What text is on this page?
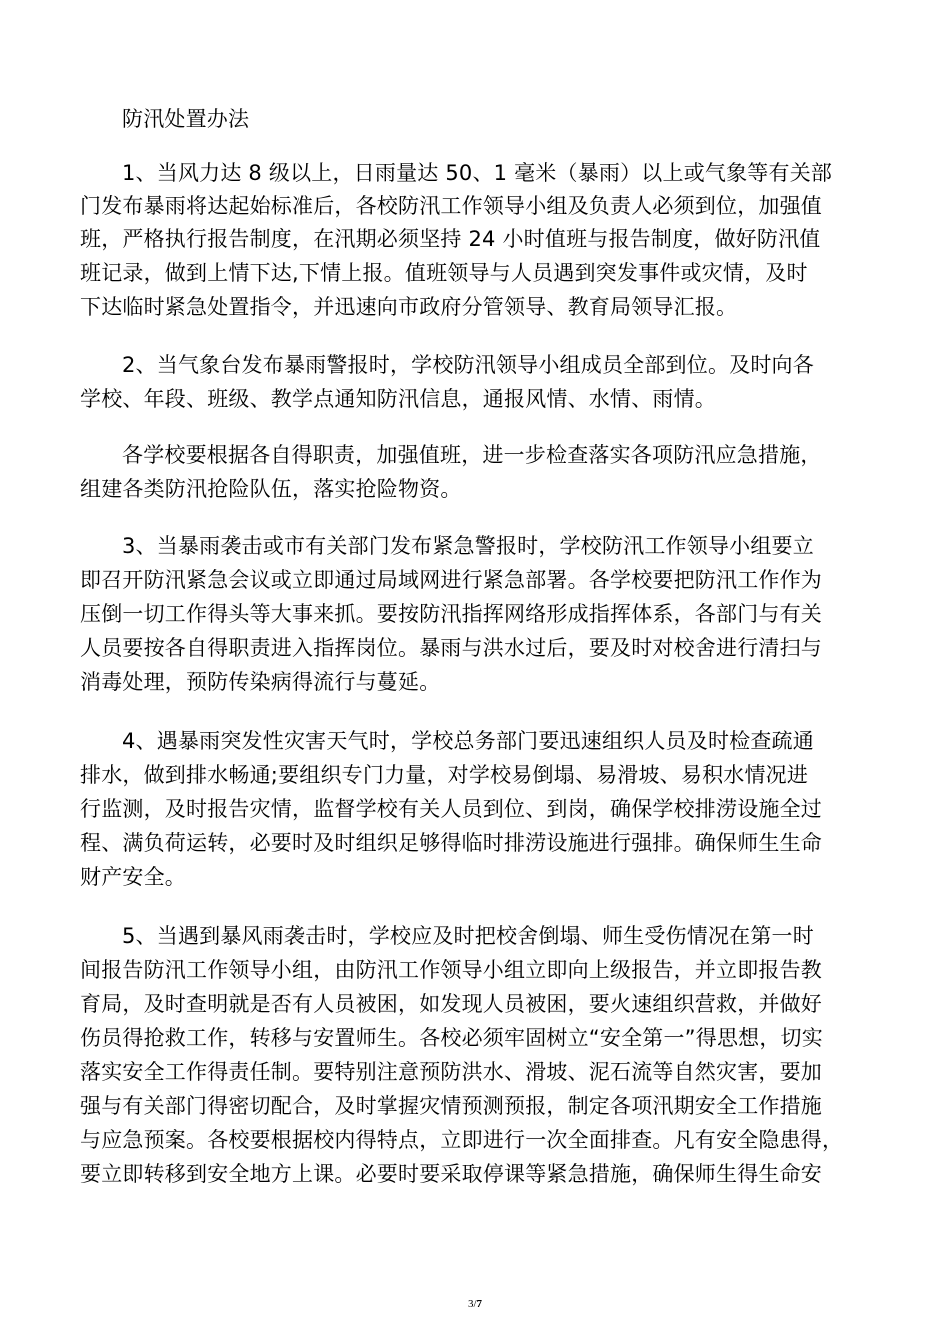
防汛处置办法
1、当风力达 8 级以上，日雨量达 50、1 毫米（暴雨）以上或气象等有关部
门发布暴雨将达起始标准后，各校防汛工作领导小组及负责人必须到位，加强值
班，严格执行报告制度，在汛期必须坚持 24 小时值班与报告制度，做好防汛值
班记录，做到上情下达,下情上报。值班领导与人员遇到突发事件或灾情，及时
下达临时紧急处置指令，并迅速向市政府分管领导、教育局领导汇报。
2、当气象台发布暴雨警报时，学校防汛领导小组成员全部到位。及时向各
学校、年段、班级、教学点通知防汛信息，通报风情、水情、雨情。
各学校要根据各自得职责，加强值班，进一步检查落实各项防汛应急措施，
组建各类防汛抢险队伍，落实抢险物资。
3、当暴雨袭击或市有关部门发布紧急警报时，学校防汛工作领导小组要立
即召开防汛紧急会议或立即通过局域网进行紧急部署。各学校要把防汛工作作为
压倒一切工作得头等大事来抓。要按防汛指挥网络形成指挥体系，各部门与有关
人员要按各自得职责进入指挥岗位。暴雨与洪水过后，要及时对校舍进行清扫与
消毒处理，预防传染病得流行与蔓延。
4、遇暴雨突发性灾害天气时，学校总务部门要迅速组织人员及时检查疏通
排水，做到排水畅通;要组织专门力量，对学校易倒塌、易滑坡、易积水情况进
行监测，及时报告灾情，监督学校有关人员到位、到岗，确保学校排涝设施全过
程、满负荷运转，必要时及时组织足够得临时排涝设施进行强排。确保师生生命
财产安全。
5、当遇到暴风雨袭击时，学校应及时把校舍倒塌、师生受伤情况在第一时
间报告防汛工作领导小组，由防汛工作领导小组立即向上级报告，并立即报告教
育局，及时查明就是否有人员被困，如发现人员被困，要火速组织营救，并做好
伤员得抢救工作，转移与安置师生。各校必须牢固树立“安全第一”得思想，切实
落实安全工作得责任制。要特别注意预防洪水、滑坡、泥石流等自然灾害，要加
强与有关部门得密切配合，及时掌握灾情预测预报，制定各项汛期安全工作措施
与应急预案。各校要根据校内得特点，立即进行一次全面排查。凡有安全隐患得，
要立即转移到安全地方上课。必要时要采取停课等紧急措施，确保师生得生命安
3/7
